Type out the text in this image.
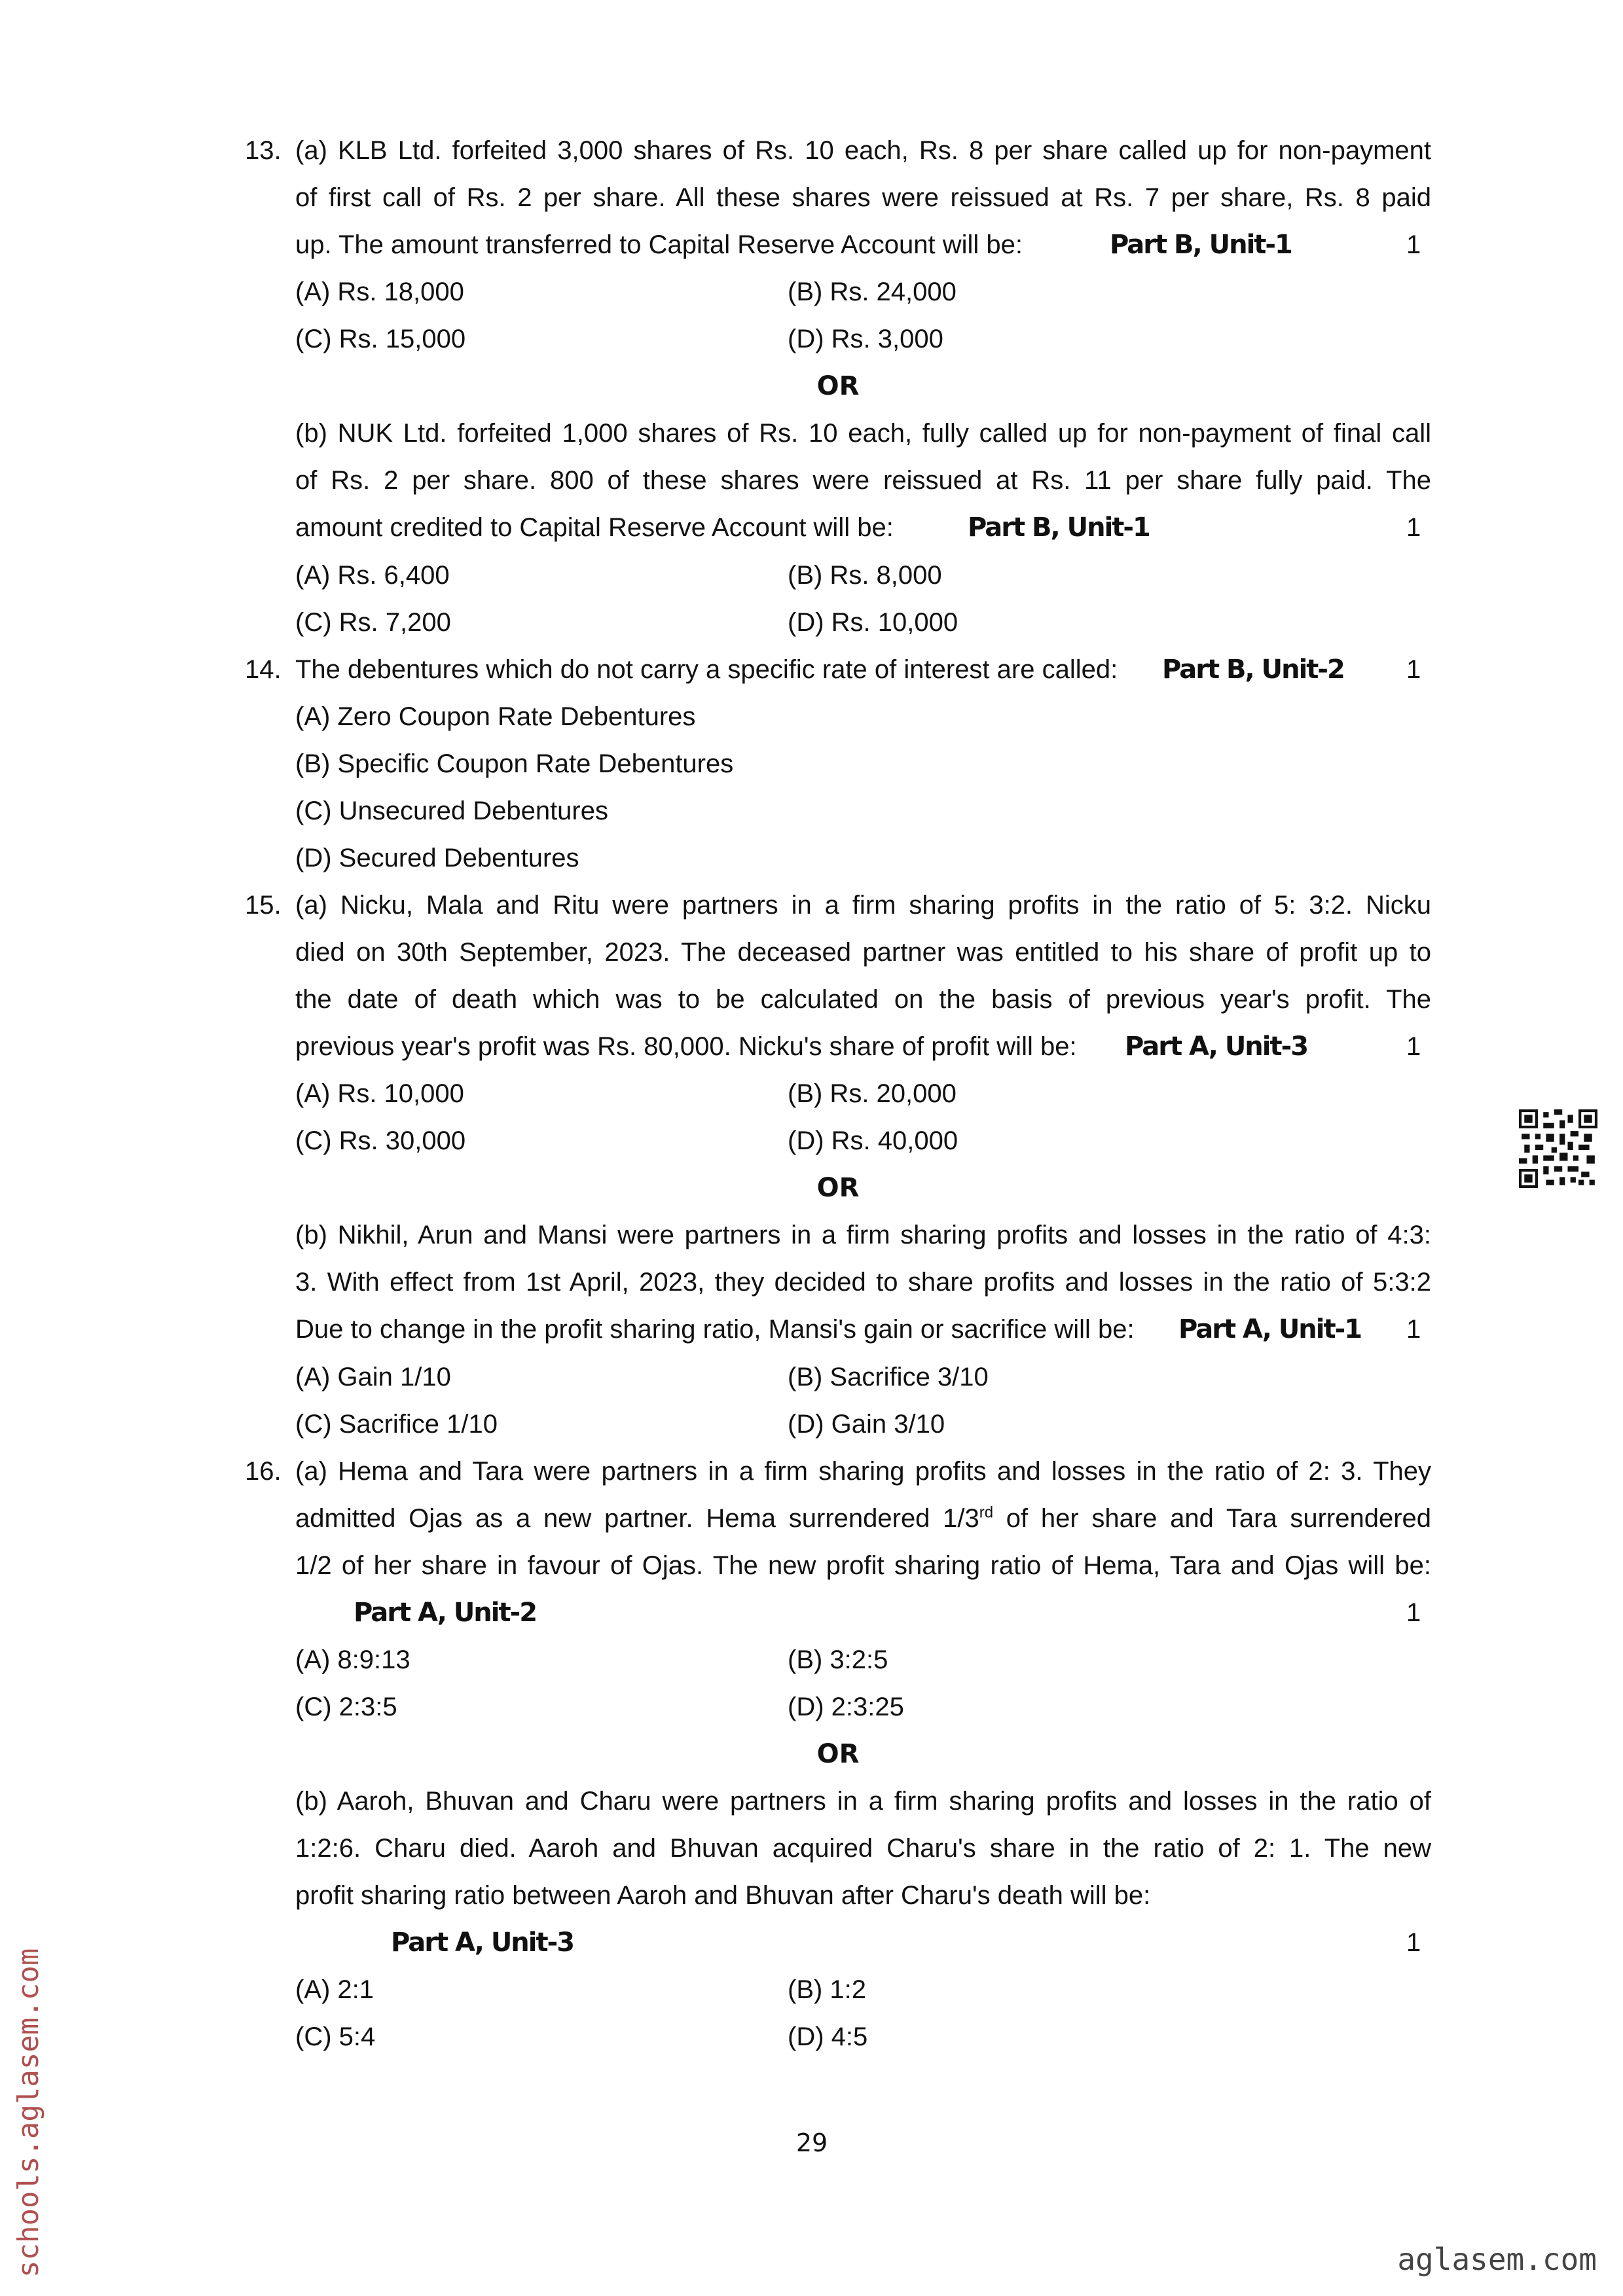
13. (a) KLB Ltd. forfeited 3,000 shares of Rs. 10 each, Rs. 8 per share called up for non-payment
of first call of Rs. 2 per share. All these shares were reissued at Rs. 7 per share, Rs. 8 paid
up. The amount transferred to Capital Reserve Account will be:	Part B, Unit-1	1
(A) Rs. 18,000	(B) Rs. 24,000
(C) Rs. 15,000	(D) Rs. 3,000
OR
(b) NUK Ltd. forfeited 1,000 shares of Rs. 10 each, fully called up for non-payment of final call
of Rs. 2 per share. 800 of these shares were reissued at Rs. 11 per share fully paid. The
amount credited to Capital Reserve Account will be:	Part B, Unit-1	1
(A) Rs. 6,400	(B) Rs. 8,000
(C) Rs. 7,200	(D) Rs. 10,000
14. The debentures which do not carry a specific rate of interest are called:	Part B, Unit-2 1
(A) Zero Coupon Rate Debentures
(B) Specific Coupon Rate Debentures
(C) Unsecured Debentures
(D) Secured Debentures
15. (a) Nicku, Mala and Ritu were partners in a firm sharing profits in the ratio of 5: 3:2. Nicku
died on 30th September, 2023. The deceased partner was entitled to his share of profit up to
the date of death which was to be calculated on the basis of previous year's profit. The
previous year's profit was Rs. 80,000. Nicku's share of profit will be:	Part A, Unit-3	1
(A) Rs. 10,000	(B) Rs. 20,000
(C) Rs. 30,000	(D) Rs. 40,000
OR
(b) Nikhil, Arun and Mansi were partners in a firm sharing profits and losses in the ratio of 4:3:
3. With effect from 1st April, 2023, they decided to share profits and losses in the ratio of 5:3:2
Due to change in the profit sharing ratio, Mansi's gain or sacrifice will be:	Part A, Unit-1 1
(A) Gain 1/10	(B) Sacrifice 3/10
(C) Sacrifice 1/10	(D) Gain 3/10
16. (a) Hema and Tara were partners in a firm sharing profits and losses in the ratio of 2: 3. They
admitted Ojas as a new partner. Hema surrendered 1/3rd of her share and Tara surrendered
1/2 of her share in favour of Ojas. The new profit sharing ratio of Hema, Tara and Ojas will be:
Part A, Unit-2	1
(A) 8:9:13	(B) 3:2:5
(C) 2:3:5	(D) 2:3:25
OR
(b) Aaroh, Bhuvan and Charu were partners in a firm sharing profits and losses in the ratio of
1:2:6. Charu died. Aaroh and Bhuvan acquired Charu's share in the ratio of 2: 1. The new
profit sharing ratio between Aaroh and Bhuvan after Charu's death will be:
Part A, Unit-3	1
(A) 2:1	(B) 1:2
(C) 5:4	(D) 4:5
29
schools.aglasem.com	aglasem.com
